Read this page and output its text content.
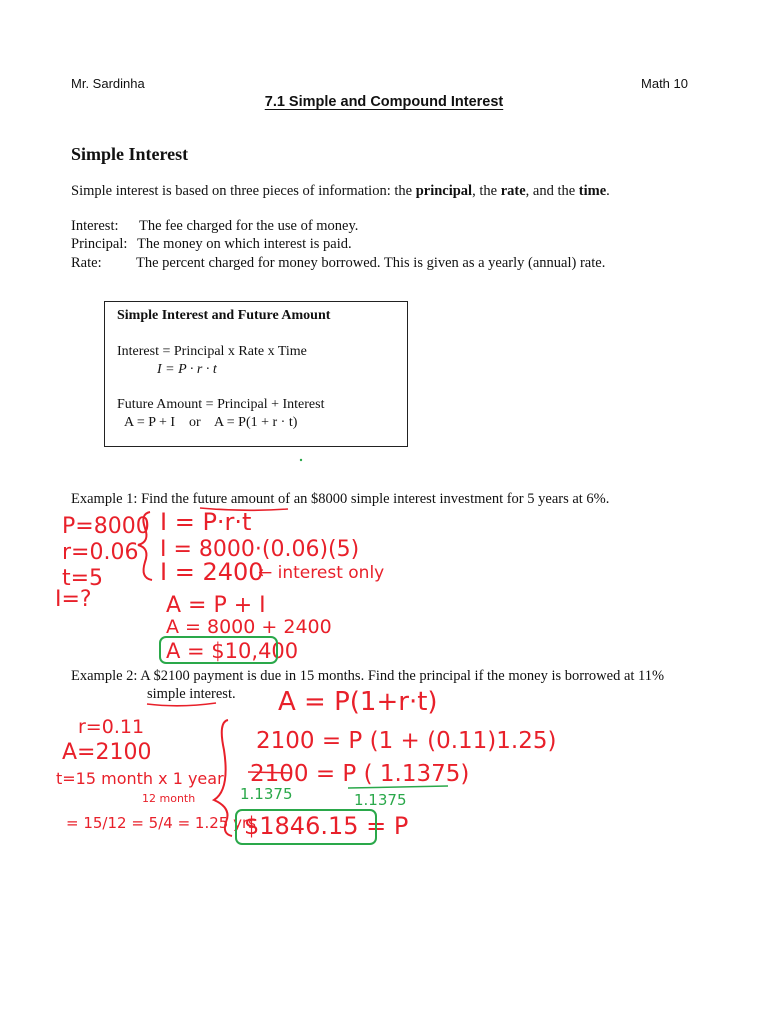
Mr. Sardinha	Math 10
7.1 Simple and Compound Interest
Simple Interest
Simple interest is based on three pieces of information: the principal, the rate, and the time.
Interest: The fee charged for the use of money.
Principal: The money on which interest is paid.
Rate: The percent charged for money borrowed. This is given as a yearly (annual) rate.
Simple Interest and Future Amount
Interest = Principal x Rate x Time
I = P · r · t
Future Amount = Principal + Interest
A = P + I    or    A = P(1 + r · t)
Example 1: Find the future amount of an $8000 simple interest investment for 5 years at 6%.
Example 2: A $2100 payment is due in 15 months. Find the principal if the money is borrowed at 11%
simple interest.
P=8000
r=0.06
t=5
I=?
I = P·r·t
I = 8000·(0.06)(5)
I = 2400
← interest only
A = P + I
A = 8000 + 2400
A = $10,400
r=0.11
A=2100
t=15 month x 1 year
12 month
= 15/12 = 5/4 = 1.25 yrs
A = P(1+r·t)
2100 = P (1 + (0.11)1.25)
2100 = P ( 1.1375)
1.1375	1.1375
$1846.15 = P
